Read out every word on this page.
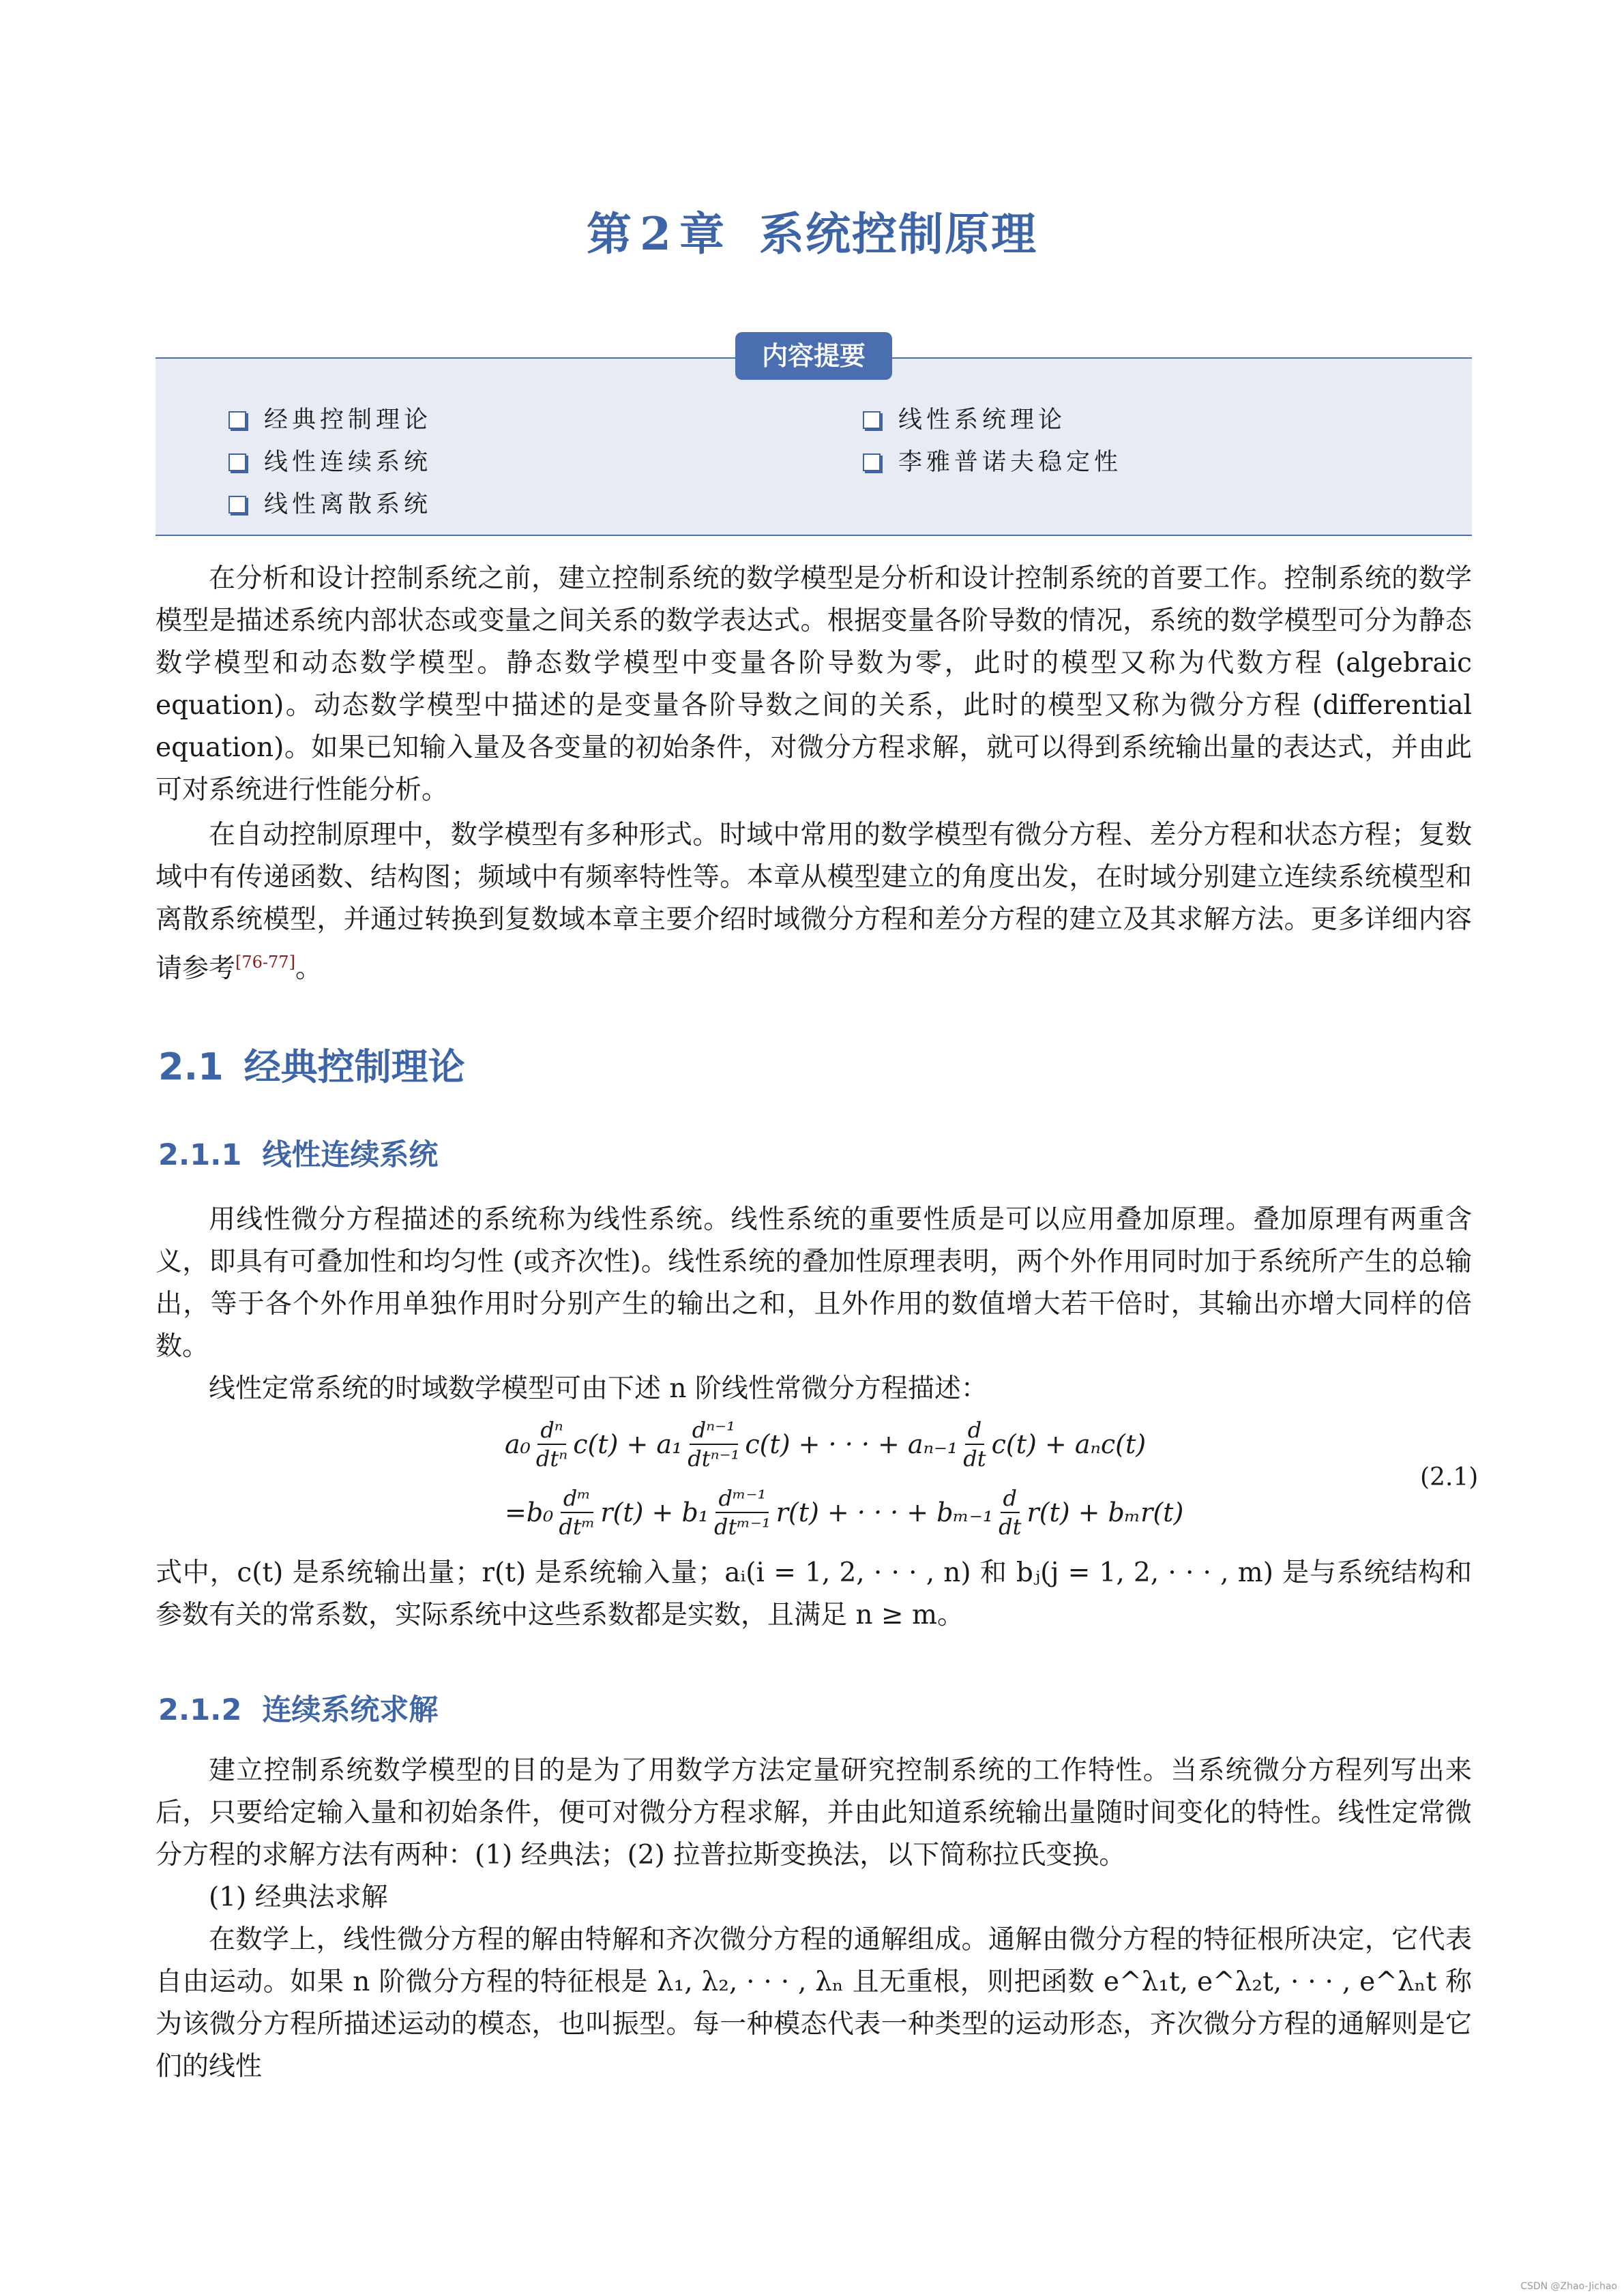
第 2 章 系统控制原理
内容提要
经典控制理论
线性连续系统
线性离散系统
线性系统理论
李雅普诺夫稳定性
在分析和设计控制系统之前，建立控制系统的数学模型是分析和设计控制系统的首要工作。控制系统的数学模型是描述系统内部状态或变量之间关系的数学表达式。根据变量各阶导数的情况，系统的数学模型可分为静态数学模型和动态数学模型。静态数学模型中变量各阶导数为零，此时的模型又称为代数方程 (algebraic equation)。动态数学模型中描述的是变量各阶导数之间的关系，此时的模型又称为微分方程 (differential equation)。如果已知输入量及各变量的初始条件，对微分方程求解，就可以得到系统输出量的表达式，并由此可对系统进行性能分析。
在自动控制原理中，数学模型有多种形式。时域中常用的数学模型有微分方程、差分方程和状态方程；复数域中有传递函数、结构图；频域中有频率特性等。本章从模型建立的角度出发，在时域分别建立连续系统模型和离散系统模型，并通过转换到复数域本章主要介绍时域微分方程和差分方程的建立及其求解方法。更多详细内容请参考[76-77]。
2.1 经典控制理论
2.1.1 线性连续系统
用线性微分方程描述的系统称为线性系统。线性系统的重要性质是可以应用叠加原理。叠加原理有两重含义，即具有可叠加性和均匀性 (或齐次性)。线性系统的叠加性原理表明，两个外作用同时加于系统所产生的总输出，等于各个外作用单独作用时分别产生的输出之和，且外作用的数值增大若干倍时，其输出亦增大同样的倍数。
线性定常系统的时域数学模型可由下述 n 阶线性常微分方程描述：
$a_0 \frac{\text{dⁿ}}{\text{dtⁿ}} c(t) + a_1 \frac{\text{dⁿ⁻¹}}{\text{dtⁿ⁻¹}} c(t)$ + · · · + $a_{n-1} \frac{d}{dt} c(t) + a_nc(t)$
$=b_0 \frac{\text{dᵐ}}{\text{dtᵐ}} r(t) + b_1 \frac{\text{dᵐ⁻¹}}{\text{dtᵐ⁻¹}} r(t)$ + · · · + $b_{m-1} \frac{d}{dt} r(t) + b_mr(t)$
(2.1)
式中，c(t) 是系统输出量；r(t) 是系统输入量；aᵢ(i = 1, 2, · · · , n) 和 bⱼ(j = 1, 2, · · · , m) 是与系统结构和参数有关的常系数，实际系统中这些系数都是实数，且满足 n ≥ m。
2.1.2 连续系统求解
建立控制系统数学模型的目的是为了用数学方法定量研究控制系统的工作特性。当系统微分方程列写出来后，只要给定输入量和初始条件，便可对微分方程求解，并由此知道系统输出量随时间变化的特性。线性定常微分方程的求解方法有两种：(1) 经典法；(2) 拉普拉斯变换法，以下简称拉氏变换。
(1) 经典法求解
在数学上，线性微分方程的解由特解和齐次微分方程的通解组成。通解由微分方程的特征根所决定，它代表自由运动。如果 n 阶微分方程的特征根是 λ₁, λ₂, · · · , λₙ 且无重根，则把函数 e^λ₁t, e^λ₂t, · · · , e^λₙt 称为该微分方程所描述运动的模态，也叫振型。每一种模态代表一种类型的运动形态，齐次微分方程的通解则是它们的线性
CSDN @Zhao-Jichao
